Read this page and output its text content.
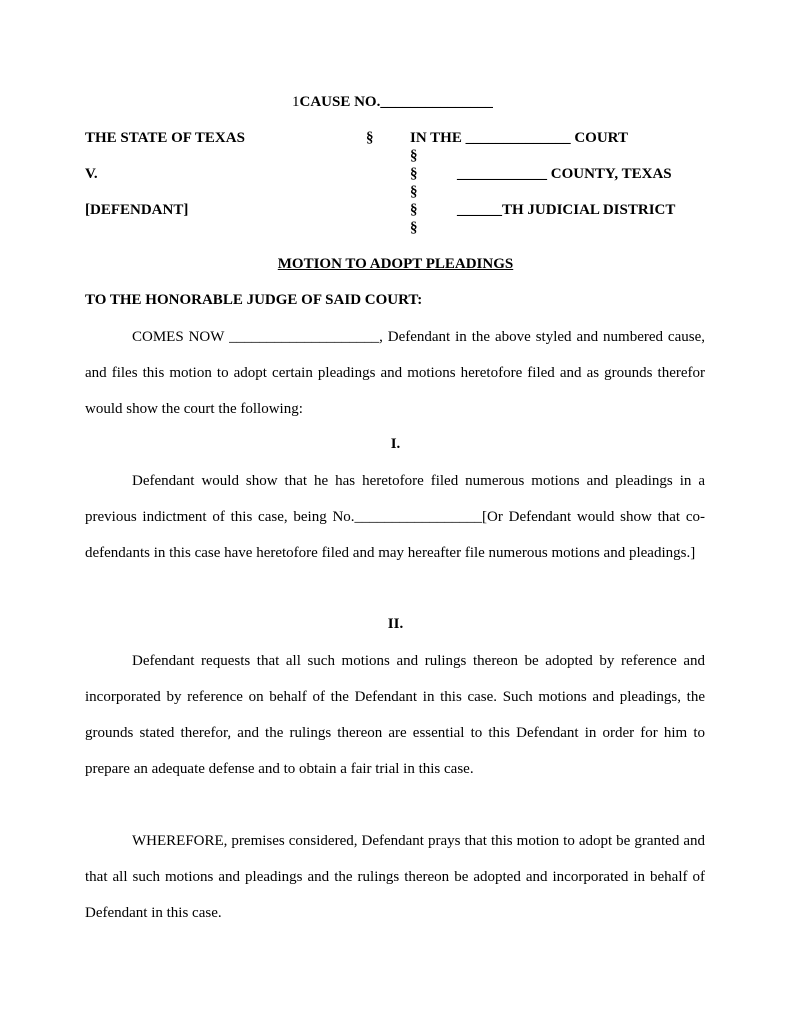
1CAUSE NO._______________
THE STATE OF TEXAS
V.
[DEFENDANT]
§
§
§
§
§
§
IN THE ______________ COURT
____________ COUNTY, TEXAS
______TH JUDICIAL DISTRICT
MOTION TO ADOPT PLEADINGS
TO THE HONORABLE JUDGE OF SAID COURT:
COMES NOW ____________________, Defendant in the above styled and numbered cause, and files this motion to adopt certain pleadings and motions heretofore filed and as grounds therefor would show the court the following:
I.
Defendant would show that he has heretofore filed numerous motions and pleadings in a previous indictment of this case, being No._________________[Or Defendant would show that co-defendants in this case have heretofore filed and may hereafter file numerous motions and pleadings.]
II.
Defendant requests that all such motions and rulings thereon be adopted by reference and incorporated by reference on behalf of the Defendant in this case. Such motions and pleadings, the grounds stated therefor, and the rulings thereon are essential to this Defendant in order for him to prepare an adequate defense and to obtain a fair trial in this case.
WHEREFORE, premises considered, Defendant prays that this motion to adopt be granted and that all such motions and pleadings and the rulings thereon be adopted and incorporated in behalf of Defendant in this case.
